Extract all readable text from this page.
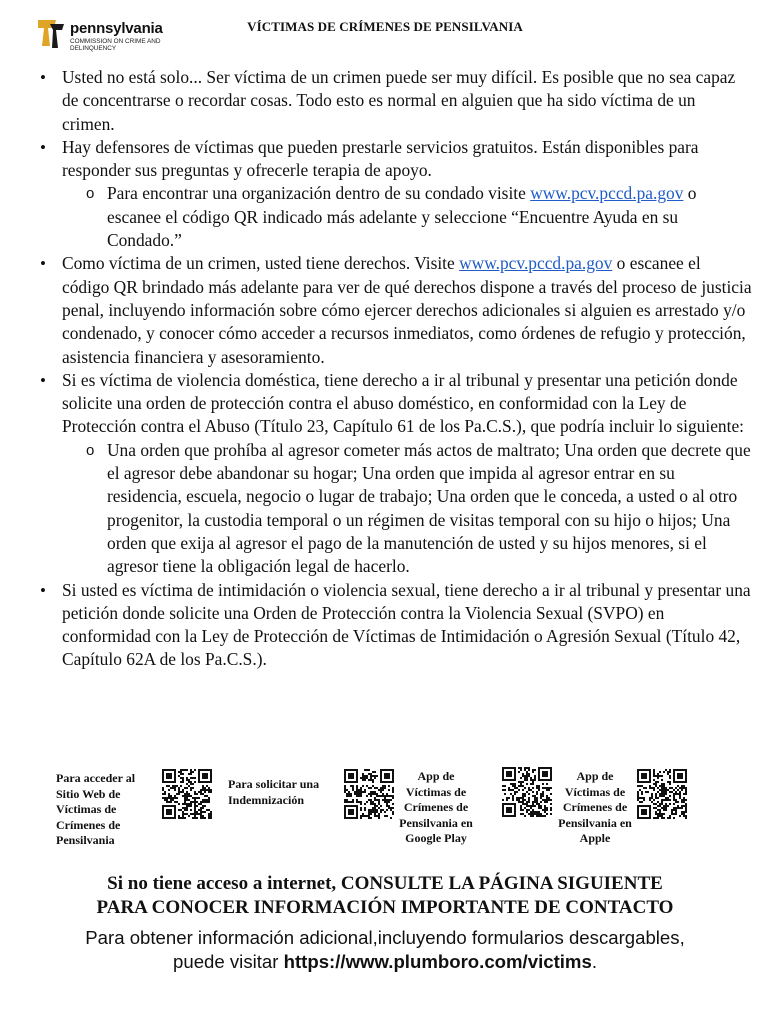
pennsylvania
COMMISSION ON CRIME AND DELINQUENCY
VÍCTIMAS DE CRÍMENES DE PENSILVANIA
• Usted no está solo... Ser víctima de un crimen puede ser muy difícil. Es posible que no sea capaz de concentrarse o recordar cosas. Todo esto es normal en alguien que ha sido víctima de un crimen.
• Hay defensores de víctimas que pueden prestarle servicios gratuitos. Están disponibles para responder sus preguntas y ofrecerle terapia de apoyo.
o Para encontrar una organización dentro de su condado visite www.pcv.pccd.pa.gov o escanee el código QR indicado más adelante y seleccione “Encuentre Ayuda en su Condado.”
• Como víctima de un crimen, usted tiene derechos. Visite www.pcv.pccd.pa.gov o escanee el código QR brindado más adelante para ver de qué derechos dispone a través del proceso de justicia penal, incluyendo información sobre cómo ejercer derechos adicionales si alguien es arrestado y/o condenado, y conocer cómo acceder a recursos inmediatos, como órdenes de refugio y protección, asistencia financiera y asesoramiento.
• Si es víctima de violencia doméstica, tiene derecho a ir al tribunal y presentar una petición donde solicite una orden de protección contra el abuso doméstico, en conformidad con la Ley de Protección contra el Abuso (Título 23, Capítulo 61 de los Pa.C.S.), que podría incluir lo siguiente:
o Una orden que prohíba al agresor cometer más actos de maltrato; Una orden que decrete que el agresor debe abandonar su hogar; Una orden que impida al agresor entrar en su residencia, escuela, negocio o lugar de trabajo; Una orden que le conceda, a usted o al otro progenitor, la custodia temporal o un régimen de visitas temporal con su hijo o hijos; Una orden que exija al agresor el pago de la manutención de usted y su hijos menores, si el agresor tiene la obligación legal de hacerlo.
• Si usted es víctima de intimidación o violencia sexual, tiene derecho a ir al tribunal y presentar una petición donde solicite una Orden de Protección contra la Violencia Sexual (SVPO) en conformidad con la Ley de Protección de Víctimas de Intimidación o Agresión Sexual (Título 42, Capítulo 62A de los Pa.C.S.).
Para acceder al Sitio Web de Víctimas de Crímenes de Pensilvania
Para solicitar una Indemnización
App de Víctimas de Crímenes de Pensilvania en Google Play
App de Víctimas de Crímenes de Pensilvania en Apple
Si no tiene acceso a internet, CONSULTE LA PÁGINA SIGUIENTE
PARA CONOCER INFORMACIÓN IMPORTANTE DE CONTACTO
Para obtener información adicional,incluyendo formularios descargables,
puede visitar https://www.plumboro.com/victims.
